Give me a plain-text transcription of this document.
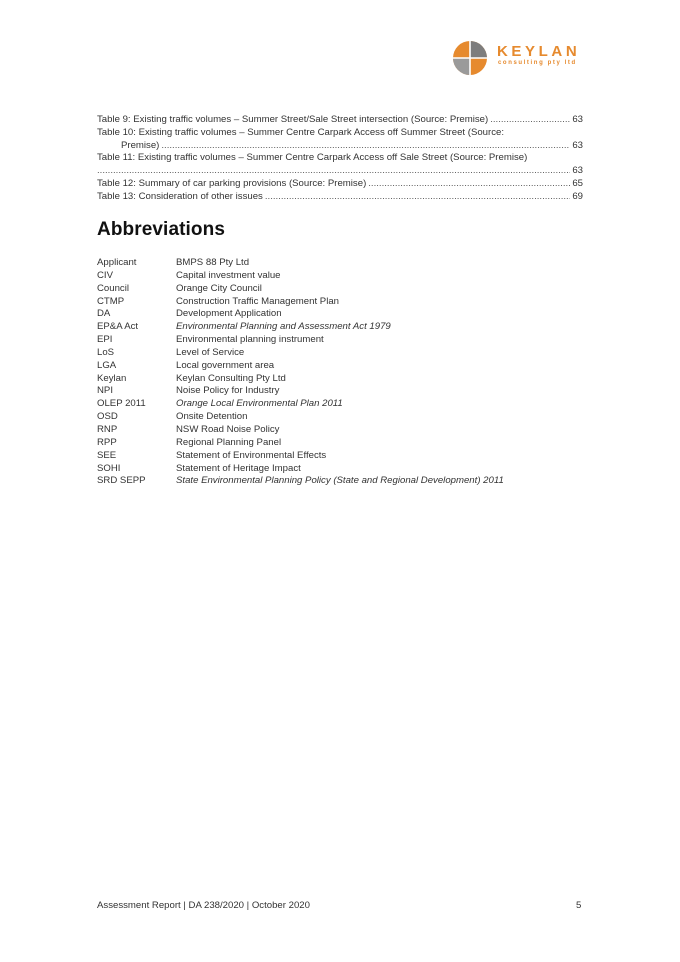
KEYLAN
consulting pty ltd
Table 9: Existing traffic volumes – Summer Street/Sale Street intersection (Source: Premise) .....	63
Table 10: Existing traffic volumes – Summer Centre Carpark Access off Summer Street (Source:
Premise) .....	63
Table 11: Existing traffic volumes – Summer Centre Carpark Access off Sale Street (Source: Premise)
.....
63
Table 12: Summary of car parking provisions (Source: Premise) .....	65
Table 13: Consideration of other issues .....	69
Abbreviations
Applicant	BMPS 88 Pty Ltd
CIV	Capital investment value
Council	Orange City Council
CTMP	Construction Traffic Management Plan
DA	Development Application
EP&A Act	Environmental Planning and Assessment Act 1979
EPI	Environmental planning instrument
LoS	Level of Service
LGA	Local government area
Keylan	Keylan Consulting Pty Ltd
NPI	Noise Policy for Industry
OLEP 2011	Orange Local Environmental Plan 2011
OSD	Onsite Detention
RNP	NSW Road Noise Policy
RPP	Regional Planning Panel
SEE	Statement of Environmental Effects
SOHI	Statement of Heritage Impact
SRD SEPP	State Environmental Planning Policy (State and Regional Development) 2011
Assessment Report | DA 238/2020 | October 2020	5
